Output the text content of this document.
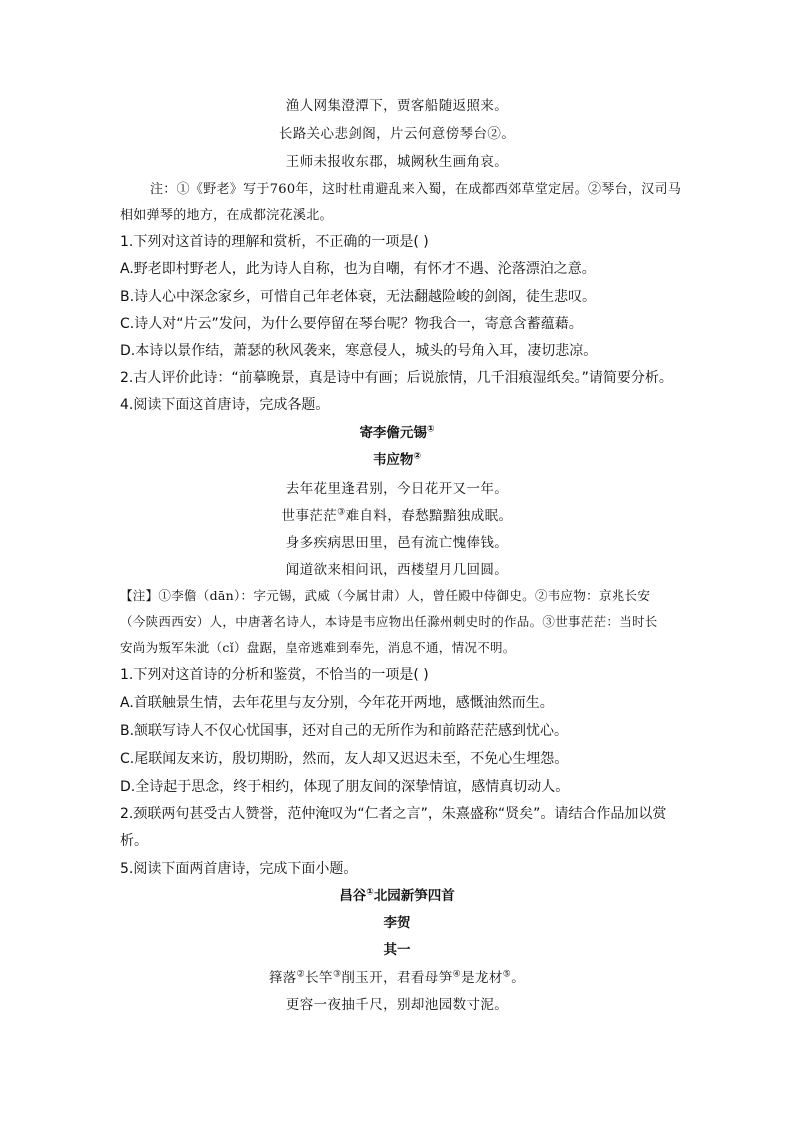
渔人网集澄潭下，贾客船随返照来。
长路关心悲剑阁，片云何意傍琴台②。
王师未报收东郡，城阙秋生画角哀。
注：①《野老》写于760年，这时杜甫避乱来入蜀，在成都西郊草堂定居。②琴台，汉司马
相如弹琴的地方，在成都浣花溪北。
1.下列对这首诗的理解和赏析，不正确的一项是( )
A.野老即村野老人，此为诗人自称，也为自嘲，有怀才不遇、沦落漂泊之意。
B.诗人心中深念家乡，可惜自己年老体衰，无法翻越险峻的剑阁，徒生悲叹。
C.诗人对“片云”发问，为什么要停留在琴台呢？物我合一，寄意含蓄蕴藉。
D.本诗以景作结，萧瑟的秋风袭来，寒意侵人，城头的号角入耳，凄切悲凉。
2.古人评价此诗：“前摹晚景，真是诗中有画；后说旅情，几千泪痕湿纸矣。”请简要分析。
4.阅读下面这首唐诗，完成各题。
寄李儋元锡①
韦应物②
去年花里逢君别，今日花开又一年。
世事茫茫③难自料，春愁黯黯独成眠。
身多疾病思田里，邑有流亡愧俸钱。
闻道欲来相问讯，西楼望月几回圆。
【注】①李儋（dān）：字元锡，武威（今属甘肃）人，曾任殿中侍御史。②韦应物：京兆长安
（今陕西西安）人，中唐著名诗人，本诗是韦应物出任滁州刺史时的作品。③世事茫茫：当时长
安尚为叛军朱泚（cǐ）盘踞，皇帝逃难到奉先，消息不通，情况不明。
1.下列对这首诗的分析和鉴赏，不恰当的一项是( )
A.首联触景生情，去年花里与友分别，今年花开两地，感慨油然而生。
B.颔联写诗人不仅心忧国事，还对自己的无所作为和前路茫茫感到忧心。
C.尾联闻友来访，殷切期盼，然而，友人却又迟迟未至，不免心生埋怨。
D.全诗起于思念，终于相约，体现了朋友间的深挚情谊，感情真切动人。
2.颈联两句甚受古人赞誉，范仲淹叹为“仁者之言”，朱熹盛称“贤矣”。请结合作品加以赏
析。
5.阅读下面两首唐诗，完成下面小题。
昌谷①北园新笋四首
李贺
其一
箨落②长竿③削玉开，君看母笋④是龙材⑤。
更容一夜抽千尺，别却池园数寸泥。
